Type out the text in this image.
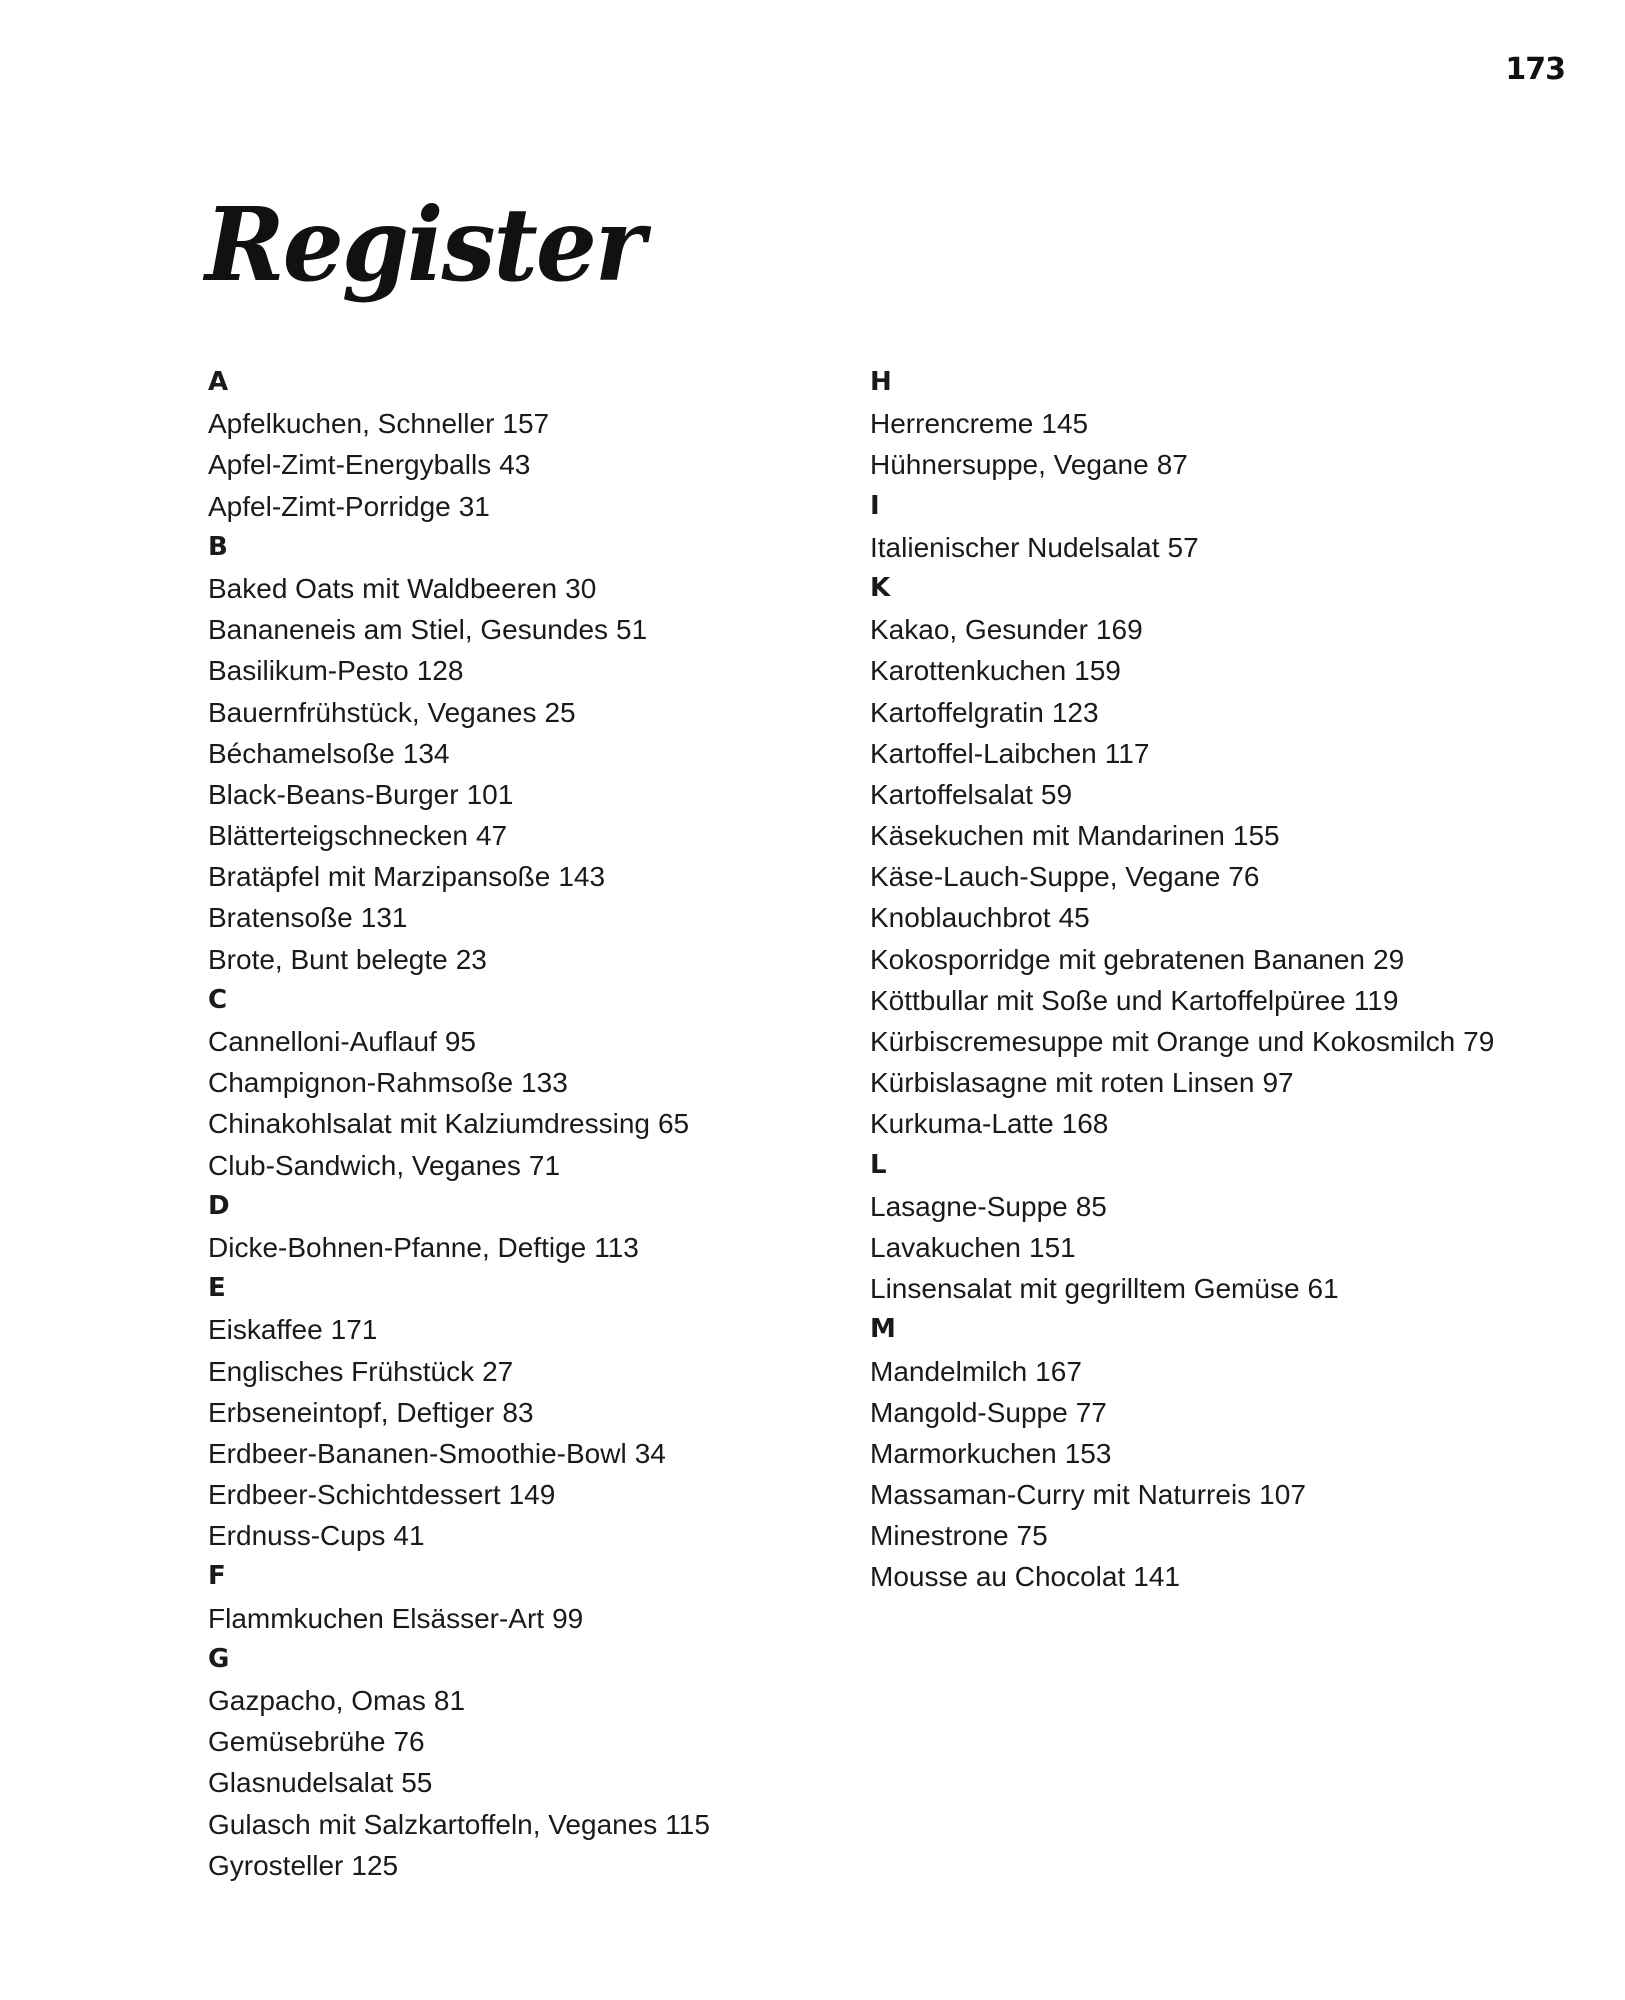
173
Register
A
Apfelkuchen, Schneller 157
Apfel-Zimt-Energyballs 43
Apfel-Zimt-Porridge 31
B
Baked Oats mit Waldbeeren 30
Bananeneis am Stiel, Gesundes 51
Basilikum-Pesto 128
Bauernfrühstück, Veganes 25
Béchamelsoße 134
Black-Beans-Burger 101
Blätterteigschnecken 47
Bratäpfel mit Marzipansoße 143
Bratensoße 131
Brote, Bunt belegte 23
C
Cannelloni-Auflauf 95
Champignon-Rahmsoße 133
Chinakohlsalat mit Kalziumdressing 65
Club-Sandwich, Veganes 71
D
Dicke-Bohnen-Pfanne, Deftige 113
E
Eiskaffee 171
Englisches Frühstück 27
Erbseneintopf, Deftiger 83
Erdbeer-Bananen-Smoothie-Bowl 34
Erdbeer-Schichtdessert 149
Erdnuss-Cups 41
F
Flammkuchen Elsässer-Art 99
G
Gazpacho, Omas 81
Gemüsebrühe 76
Glasnudelsalat 55
Gulasch mit Salzkartoffeln, Veganes 115
Gyrosteller 125
H
Herrencreme 145
Hühnersuppe, Vegane 87
I
Italienischer Nudelsalat 57
K
Kakao, Gesunder 169
Karottenkuchen 159
Kartoffelgratin 123
Kartoffel-Laibchen 117
Kartoffelsalat 59
Käsekuchen mit Mandarinen 155
Käse-Lauch-Suppe, Vegane 76
Knoblauchbrot 45
Kokosporridge mit gebratenen Bananen 29
Köttbullar mit Soße und Kartoffelpüree 119
Kürbiscremesuppe mit Orange und Kokosmilch 79
Kürbislasagne mit roten Linsen 97
Kurkuma-Latte 168
L
Lasagne-Suppe 85
Lavakuchen 151
Linsensalat mit gegrilltem Gemüse 61
M
Mandelmilch 167
Mangold-Suppe 77
Marmorkuchen 153
Massaman-Curry mit Naturreis 107
Minestrone 75
Mousse au Chocolat 141
